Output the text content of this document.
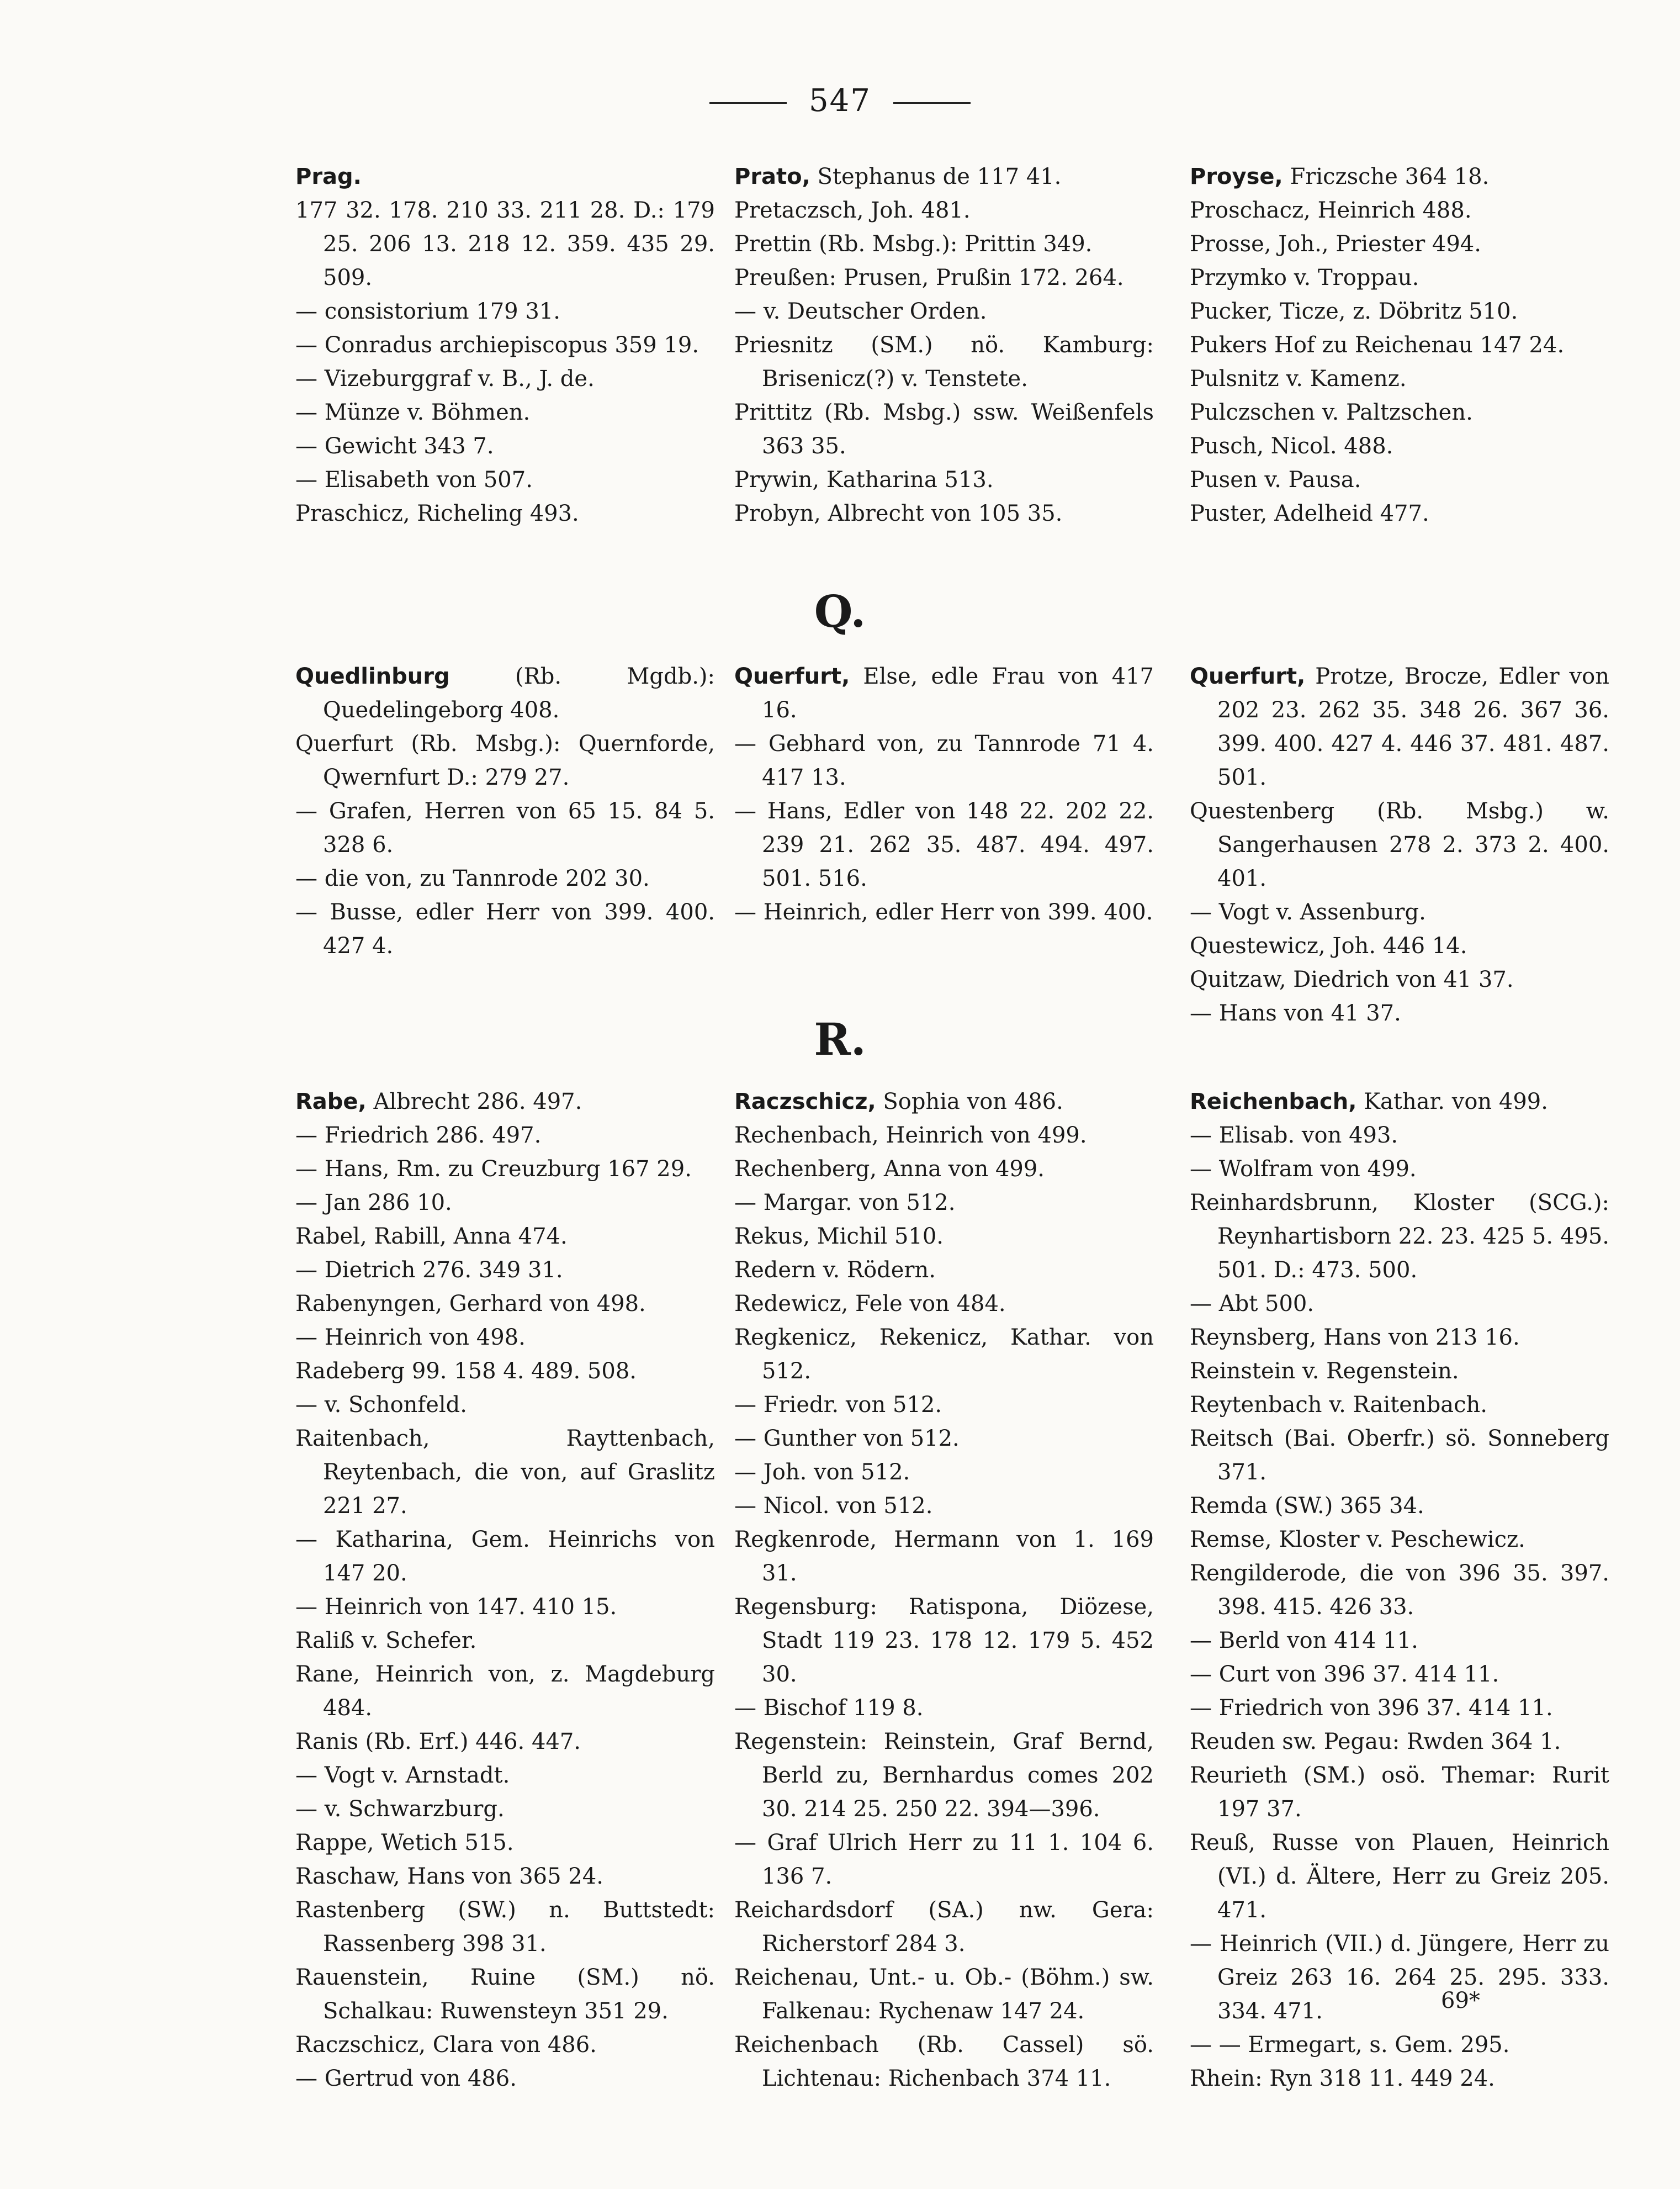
547
Prag.
177 32. 178. 210 33. 211 28. D.: 179 25. 206 13. 218 12. 359. 435 29. 509.
— consistorium 179 31.
— Conradus archiepiscopus 359 19.
— Vizeburggraf v. B., J. de.
— Münze v. Böhmen.
— Gewicht 343 7.
— Elisabeth von 507.
Praschicz, Richeling 493.
Prato, Stephanus de 117 41.
Pretaczsch, Joh. 481.
Prettin (Rb. Msbg.): Prittin 349.
Preußen: Prusen, Prußin 172. 264.
— v. Deutscher Orden.
Priesnitz (SM.) nö. Kamburg: Brisenicz(?) v. Tenstete.
Prittitz (Rb. Msbg.) ssw. Weißenfels 363 35.
Prywin, Katharina 513.
Probyn, Albrecht von 105 35.
Proyse, Friczsche 364 18.
Proschacz, Heinrich 488.
Prosse, Joh., Priester 494.
Przymko v. Troppau.
Pucker, Ticze, z. Döbritz 510.
Pukers Hof zu Reichenau 147 24.
Pulsnitz v. Kamenz.
Pulczschen v. Paltzschen.
Pusch, Nicol. 488.
Pusen v. Pausa.
Puster, Adelheid 477.
Q.
Quedlinburg (Rb. Mgdb.): Quedelingeborg 408.
Querfurt (Rb. Msbg.): Quernforde, Qwernfurt D.: 279 27.
— Grafen, Herren von 65 15. 84 5. 328 6.
— die von, zu Tannrode 202 30.
— Busse, edler Herr von 399. 400. 427 4.
Querfurt, Else, edle Frau von 417 16.
— Gebhard von, zu Tannrode 71 4. 417 13.
— Hans, Edler von 148 22. 202 22. 239 21. 262 35. 487. 494. 497. 501. 516.
— Heinrich, edler Herr von 399. 400.
Querfurt, Protze, Brocze, Edler von 202 23. 262 35. 348 26. 367 36. 399. 400. 427 4. 446 37. 481. 487. 501.
Questenberg (Rb. Msbg.) w. Sangerhausen 278 2. 373 2. 400. 401.
— Vogt v. Assenburg.
Questewicz, Joh. 446 14.
Quitzaw, Diedrich von 41 37.
— Hans von 41 37.
R.
Rabe, Albrecht 286. 497.
— Friedrich 286. 497.
— Hans, Rm. zu Creuzburg 167 29.
— Jan 286 10.
Rabel, Rabill, Anna 474.
— Dietrich 276. 349 31.
Rabenyngen, Gerhard von 498.
— Heinrich von 498.
Radeberg 99. 158 4. 489. 508.
— v. Schonfeld.
Raitenbach, Rayttenbach, Reytenbach, die von, auf Graslitz 221 27.
— Katharina, Gem. Heinrichs von 147 20.
— Heinrich von 147. 410 15.
Raliß v. Schefer.
Rane, Heinrich von, z. Magdeburg 484.
Ranis (Rb. Erf.) 446. 447.
— Vogt v. Arnstadt.
— v. Schwarzburg.
Rappe, Wetich 515.
Raschaw, Hans von 365 24.
Rastenberg (SW.) n. Buttstedt: Rassenberg 398 31.
Rauenstein, Ruine (SM.) nö. Schalkau: Ruwensteyn 351 29.
Raczschicz, Clara von 486.
— Gertrud von 486.
Raczschicz, Sophia von 486.
Rechenbach, Heinrich von 499.
Rechenberg, Anna von 499.
— Margar. von 512.
Rekus, Michil 510.
Redern v. Rödern.
Redewicz, Fele von 484.
Regkenicz, Rekenicz, Kathar. von 512.
— Friedr. von 512.
— Gunther von 512.
— Joh. von 512.
— Nicol. von 512.
Regkenrode, Hermann von 1. 169 31.
Regensburg: Ratispona, Diözese, Stadt 119 23. 178 12. 179 5. 452 30.
— Bischof 119 8.
Regenstein: Reinstein, Graf Bernd, Berld zu, Bernhardus comes 202 30. 214 25. 250 22. 394—396.
— Graf Ulrich Herr zu 11 1. 104 6. 136 7.
Reichardsdorf (SA.) nw. Gera: Richerstorf 284 3.
Reichenau, Unt.- u. Ob.- (Böhm.) sw. Falkenau: Rychenaw 147 24.
Reichenbach (Rb. Cassel) sö. Lichtenau: Richenbach 374 11.
Reichenbach, Kathar. von 499.
— Elisab. von 493.
— Wolfram von 499.
Reinhardsbrunn, Kloster (SCG.): Reynhartisborn 22. 23. 425 5. 495. 501. D.: 473. 500.
— Abt 500.
Reynsberg, Hans von 213 16.
Reinstein v. Regenstein.
Reytenbach v. Raitenbach.
Reitsch (Bai. Oberfr.) sö. Sonneberg 371.
Remda (SW.) 365 34.
Remse, Kloster v. Peschewicz.
Rengilderode, die von 396 35. 397. 398. 415. 426 33.
— Berld von 414 11.
— Curt von 396 37. 414 11.
— Friedrich von 396 37. 414 11.
Reuden sw. Pegau: Rwden 364 1.
Reurieth (SM.) osö. Themar: Rurit 197 37.
Reuß, Russe von Plauen, Heinrich (VI.) d. Ältere, Herr zu Greiz 205. 471.
— Heinrich (VII.) d. Jüngere, Herr zu Greiz 263 16. 264 25. 295. 333. 334. 471.
— — Ermegart, s. Gem. 295.
Rhein: Ryn 318 11. 449 24.
69*
